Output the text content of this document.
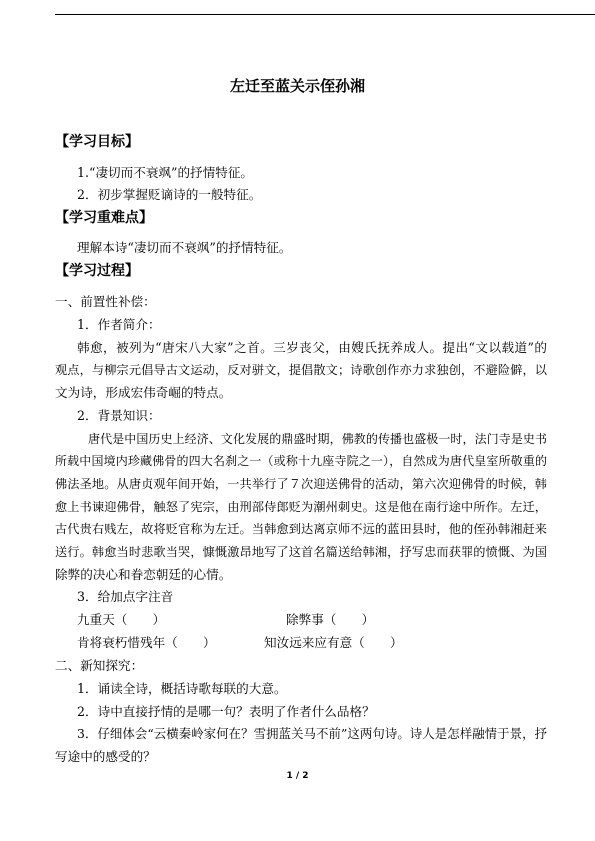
左迁至蓝关示侄孙湘
【学习目标】
1.“凄切而不衰飒”的抒情特征。
2．初步掌握贬谪诗的一般特征。
【学习重难点】
理解本诗“凄切而不衰飒”的抒情特征。
【学习过程】
一、前置性补偿：
1．作者简介：
韩愈，被列为“唐宋八大家”之首。三岁丧父，由嫂氏抚养成人。提出“文以载道”的
观点，与柳宗元倡导古文运动，反对骈文，提倡散文；诗歌创作亦力求独创，不避险僻，以
文为诗，形成宏伟奇崛的特点。
2．背景知识：
唐代是中国历史上经济、文化发展的鼎盛时期，佛教的传播也盛极一时，法门寺是史书
所载中国境内珍藏佛骨的四大名刹之一（或称十九座寺院之一），自然成为唐代皇室所敬重的
佛法圣地。从唐贞观年间开始，一共举行了７次迎送佛骨的活动，第六次迎佛骨的时候，韩
愈上书谏迎佛骨，触怒了宪宗，由刑部侍郎贬为潮州刺史。这是他在南行途中所作。左迁，
古代贵右贱左，故将贬官称为左迁。当韩愈到达离京师不远的蓝田县时，他的侄孙韩湘赶来
送行。韩愈当时悲歌当哭，慷慨激昂地写了这首名篇送给韩湘，抒写忠而获罪的愤慨、为国
除弊的决心和眷恋朝廷的心情。
3．给加点字注音
九重天（　　）	除弊事（　　）
肯将衰朽惜残年（　　）	知汝远来应有意（　　）
二、新知探究：
1．诵读全诗，概括诗歌每联的大意。
2．诗中直接抒情的是哪一句？表明了作者什么品格？
3．仔细体会“云横秦岭家何在？雪拥蓝关马不前”这两句诗。诗人是怎样融情于景，抒
写途中的感受的？
1 / 2
